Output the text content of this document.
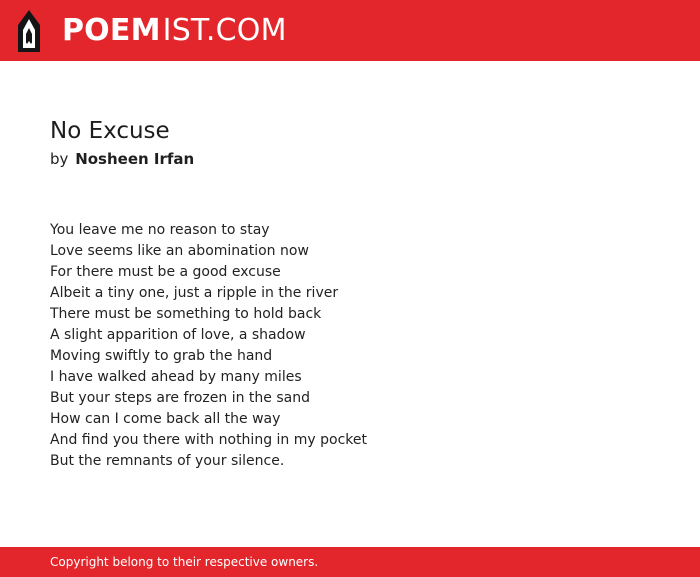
POEM IST.COM
No Excuse
by Nosheen Irfan
You leave me no reason to stay
Love seems like an abomination now
For there must be a good excuse
Albeit a tiny one, just a ripple in the river
There must be something to hold back
A slight apparition of love, a shadow
Moving swiftly to grab the hand
I have walked ahead by many miles
But your steps are frozen in the sand
How can I come back all the way
And find you there with nothing in my pocket
But the remnants of your silence.
Copyright belong to their respective owners.
